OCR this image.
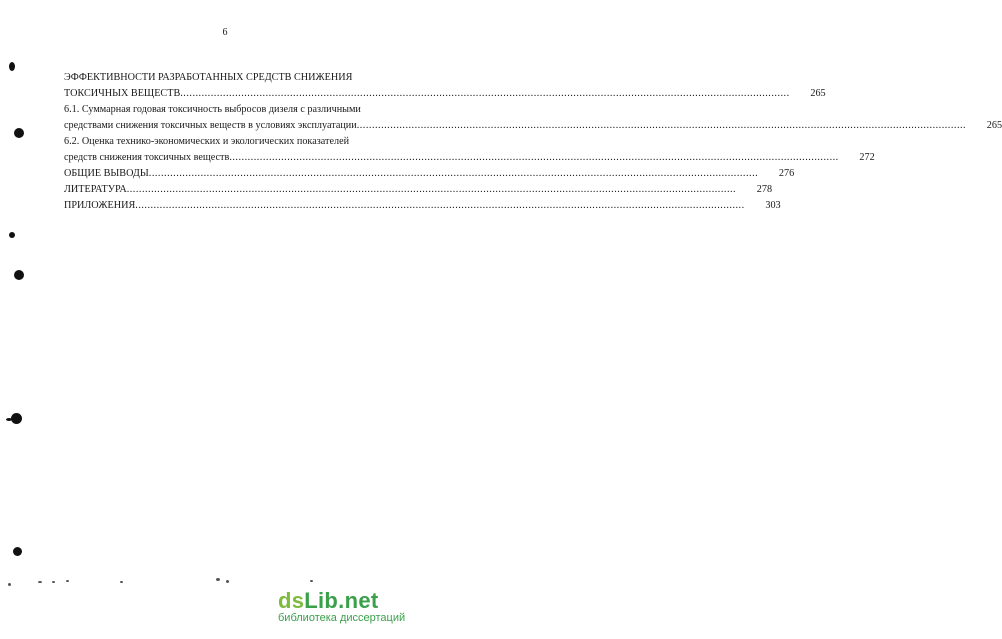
6
ЭФФЕКТИВНОСТИ РАЗРАБОТАННЫХ СРЕДСТВ СНИЖЕНИЯ
ТОКСИЧНЫХ ВЕЩЕСТВ ........................................................................................................................................................................................................	265
6.1. Суммарная годовая токсичность выбросов дизеля с различными
средствами снижения токсичных веществ в условиях эксплуатации ........................................................................................................................................................................................................	265
6.2. Оценка технико-экономических и экологических показателей
средств снижения токсичных веществ ........................................................................................................................................................................................................	272
ОБЩИЕ ВЫВОДЫ ........................................................................................................................................................................................................	276
ЛИТЕРАТУРА ........................................................................................................................................................................................................	278
ПРИЛОЖЕНИЯ ........................................................................................................................................................................................................	303
dsLib.net
библиотека диссертаций
